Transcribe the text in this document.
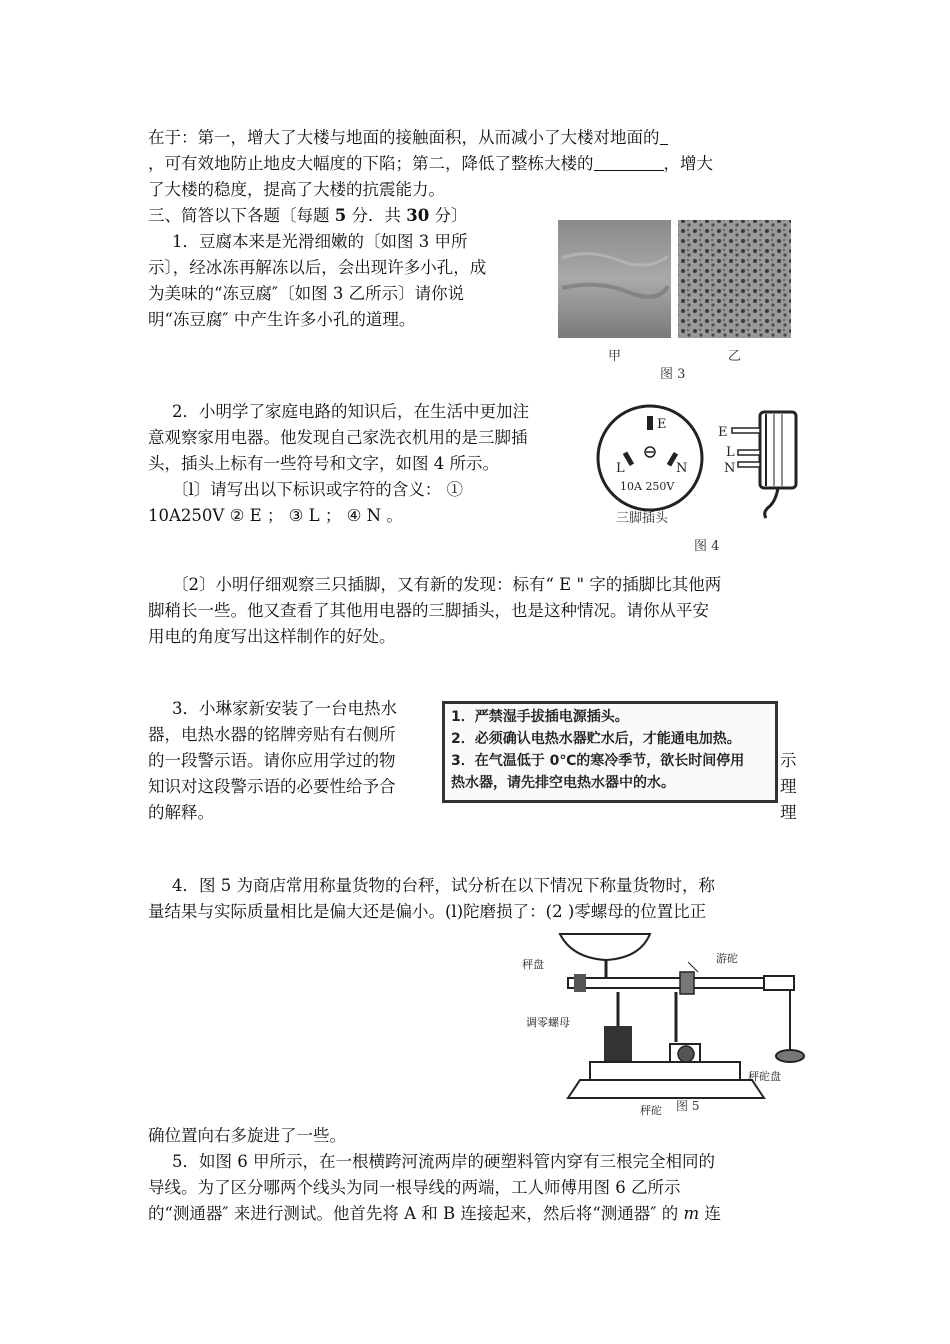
在于：第一，增大了大楼与地面的接触面积，从而减小了大楼对地面的
，可有效地防止地皮大幅度的下陷；第二，降低了整栋大楼的	，增大
了大楼的稳度，提高了大楼的抗震能力。
三、简答以下各题〔每题 5 分．共 30 分〕
1．豆腐本来是光滑细嫩的〔如图 3 甲所
示〕，经冰冻再解冻以后，会出现许多小孔，成
为美味的“冻豆腐″〔如图 3 乙所示〕请你说
明“冻豆腐″ 中产生许多小孔的道理。
甲	乙
图 3
2．小明学了家庭电路的知识后，在生活中更加注
意观察家用电器。他发现自己家洗衣机用的是三脚插
头，插头上标有一些符号和文字，如图 4 所示。
〔l〕请写出以下标识或字符的含义： ①
10A250V ② E ； ③ L ； ④ N 。
E
L	N
10A 250V
E
L
N
三脚插头
图 4
〔2〕小明仔细观察三只插脚，又有新的发现：标有“ E " 字的插脚比其他两
脚稍长一些。他又查看了其他用电器的三脚插头，也是这种情况。请你从平安
用电的角度写出这样制作的好处。
3．小琳家新安装了一台电热水
器，电热水器的铭牌旁贴有右侧所
的一段警示语。请你应用学过的物
知识对这段警示语的必要性给予合
的解释。
示
理
理
1．严禁湿手拔插电源插头。
2．必须确认电热水器贮水后，才能通电加热。
3．在气温低于 0℃的寒冷季节，欲长时间停用
热水器，请先排空电热水器中的水。
4．图 5 为商店常用称量货物的台秤，试分析在以下情况下称量货物时，称
量结果与实际质量相比是偏大还是偏小。(l)陀磨损了：(2 )零螺母的位置比正
秤盘	游砣
调零螺母
秤砣
秤砣盘
图 5
确位置向右多旋进了一些。
5．如图 6 甲所示，在一根横跨河流两岸的硬塑料管内穿有三根完全相同的
导线。为了区分哪两个线头为同一根导线的两端，工人师傅用图 6 乙所示
的“测通器″ 来进行测试。他首先将 A 和 B 连接起来，然后将“测通器″ 的 m 连
